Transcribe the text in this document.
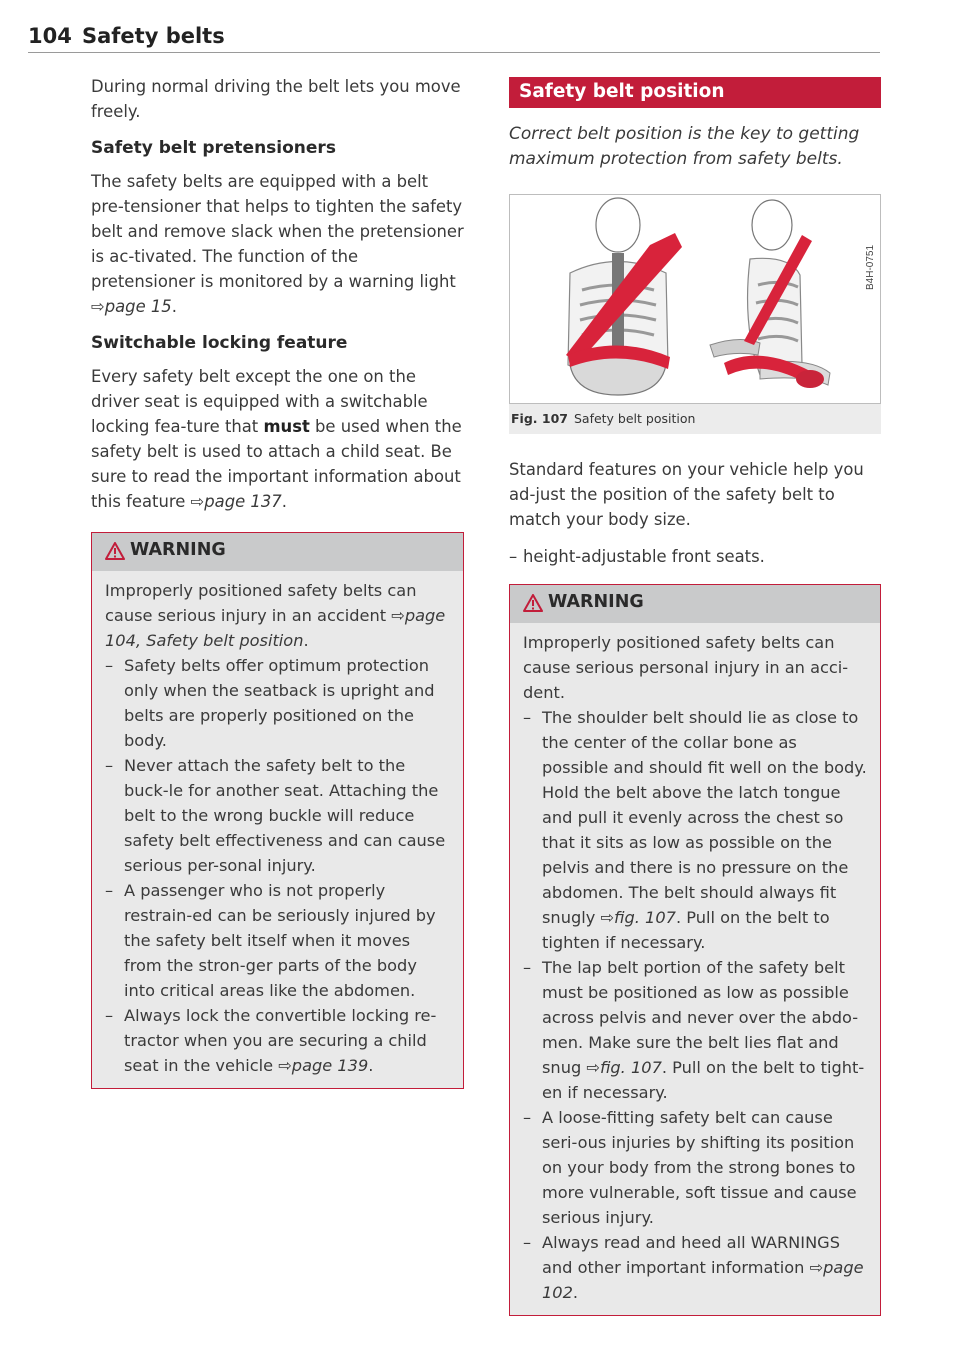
104 Safety belts

During normal driving the belt lets you move freely.

Safety belt pretensioners

The safety belts are equipped with a belt pre-tensioner that helps to tighten the safety belt and remove slack when the pretensioner is ac-tivated. The function of the pretensioner is monitored by a warning light ⇨page 15.

Switchable locking feature

Every safety belt except the one on the driver seat is equipped with a switchable locking fea-ture that must be used when the safety belt is used to attach a child seat. Be sure to read the important information about this feature ⇨page 137.

WARNING

Improperly positioned safety belts can cause serious injury in an accident ⇨page 104, Safety belt position.

– Safety belts offer optimum protection only when the seatback is upright and belts are properly positioned on the body.

– Never attach the safety belt to the buck-le for another seat. Attaching the belt to the wrong buckle will reduce safety belt effectiveness and can cause serious per-sonal injury.

– A passenger who is not properly restrain-ed can be seriously injured by the safety belt itself when it moves from the stron-ger parts of the body into critical areas like the abdomen.

– Always lock the convertible locking re-tractor when you are securing a child seat in the vehicle ⇨page 139.

Safety belt position

Correct belt position is the key to getting maximum protection from safety belts.

B4H-0751
Fig. 107 Safety belt position

Standard features on your vehicle help you ad-just the position of the safety belt to match your body size.

– height-adjustable front seats.

WARNING

Improperly positioned safety belts can cause serious personal injury in an acci-dent.

– The shoulder belt should lie as close to the center of the collar bone as possible and should fit well on the body. Hold the belt above the latch tongue and pull it evenly across the chest so that it sits as low as possible on the pelvis and there is no pressure on the abdomen. The belt should always fit snugly ⇨fig. 107. Pull on the belt to tighten if necessary.

– The lap belt portion of the safety belt must be positioned as low as possible across pelvis and never over the abdo-men. Make sure the belt lies flat and snug ⇨fig. 107. Pull on the belt to tight-en if necessary.

– A loose-fitting safety belt can cause seri-ous injuries by shifting its position on your body from the strong bones to more vulnerable, soft tissue and cause serious injury.

– Always read and heed all WARNINGS and other important information ⇨page 102.
